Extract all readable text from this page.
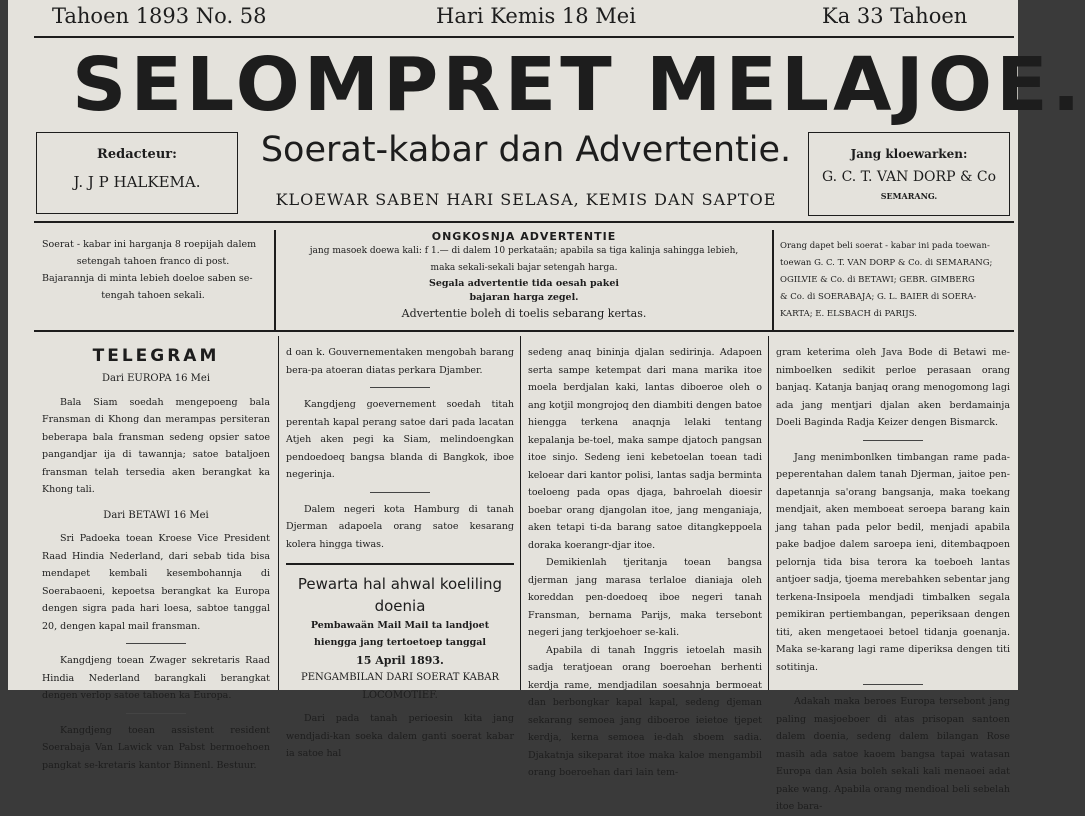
Tahoen 1893 No. 58	Hari Kemis 18 Mei	Ka 33 Tahoen
SELOMPRET MELAJOE.
Redacteur:
J. J P HALKEMA.
Soerat-kabar dan Advertentie.
KLOEWAR SABEN HARI SELASA, KEMIS DAN SAPTOE
Jang kloewarken:
G. C. T. VAN DORP & Co
SEMARANG.
Soerat - kabar ini harganja 8 roepijah dalem
setengah tahoen franco di post.
Bajarannja di minta lebieh doeloe saben se-
tengah tahoen sekali.
ONGKOSNJA ADVERTENTIE
jang masoek doewa kali: f 1.— di dalem 10 perkataän; apabila sa tiga kalinja sahingga lebieh,
maka sekali-sekali bajar setengah harga.
Segala advertentie tida oesah pakei
bajaran harga zegel.
Advertentie boleh di toelis sebarang kertas.
Orang dapet beli soerat - kabar ini pada toewan-
toewan G. C. T. VAN DORP & Co. di SEMARANG;
OGILVIE & Co. di BETAWI; GEBR. GIMBERG
& Co. di SOERABAJA; G. L. BAIER di SOERA-
KARTA; E. ELSBACH di PARIJS.
TELEGRAM
Dari EUROPA 16 Mei

Bala Siam soedah mengepoeng bala Fransman di Khong dan merampas persiteran beberapa bala fransman sedeng opsier satoe pangandjar ija di tawannja; satoe bataljoen fransman telah tersedia aken berangkat ka Khong tali.

Dari BETAWI 16 Mei

Sri Padoeka toean Kroese Vice President Raad Hindia Nederland, dari sebab tida bisa mendapet kembali kesembohannja di Soerabaoeni, kepoetsa berangkat ka Europa dengen sigra pada hari loesa, sabtoe tanggal 20, dengen kapal mail fransman.

Kangdjeng toean Zwager sekretaris Raad Hindia Nederland barangkali berangkat dengen verlop satoe tahoen ka Europa.

Kangdjeng toean assistent resident Soerabaja Van Lawick van Pabst bermoehoen pangkat se-kretaris kantor Binnenl. Bestuur.

d oan k. Gouvernementaken mengobah barang bera-pa atoeran diatas perkara Djamber.

Kangdjeng goevernement soedah titah perentah kapal perang satoe dari pada lacatan Atjeh aken pegi ka Siam, melindoengkan pendoedoeq bangsa blanda di Bangkok, iboe negerinja.

Dalem negeri kota Hamburg di tanah Djerman adapoela orang satoe kesarang kolera hingga tiwas.

Pewarta hal ahwal koeliling doenia
Pembawaän Mail Mail ta landjoet
hiengga jang tertoetoep tanggal
15 April 1893.
PENGAMBILAN DARI SOERAT KABAR
LOCOMOTIEF.

Dari pada tanah perioesin kita jang wendjadi-kan soeka dalem ganti soerat kabar ia satoe hal

sedeng anaq bininja djalan sedirinja. Adapoen serta sampe ketempat dari mana marika itoe moela berdjalan kaki, lantas diboeroe oleh o ang kotjil mongrojoq den diambiti dengen batoe hiengga terkena anaqnja lelaki tentang kepalanja be-toel, maka sampe djatoch pangsan itoe sinjo. Sedeng ieni kebetoelan toean tadi keloear dari kantor polisi, lantas sadja berminta toeloeng pada opas djaga, bahroelah dioesir boebar orang djangolan itoe, jang menganiaja, aken tetapi ti-da barang satoe ditangkeppoela doraka koerangr-djar itoe.

Demikienlah tjeritanja toean bangsa djerman jang marasa terlaloe dianiaja oleh koreddan pen-doedoeq iboe negeri tanah Fransman, bernama Parijs, maka tersebont negeri jang terkjoehoer se-kali.

Apabila di tanah Inggris ietoelah masih sadja teratjoean orang boeroehan berhenti kerdja rame, mendjadilan soesahnja bermoeat dan berbongkar kapal kapal, sedeng djeman sekarang semoea jang diboeroe ieietoe tjepet kerdja, kerna semoea ie-dah sboem sadia. Djakatnja sikeparat itoe maka kaloe mengambil orang boeroehan dari lain tem-

gram keterima oleh Java Bode di Betawi me-nimboelken sedikit perloe perasaan orang banjaq. Katanja banjaq orang menogomong lagi ada jang mentjari djalan aken berdamainja Doeli Baginda Radja Keizer dengen Bismarck.

Jang menimbonlken timbangan rame pada-peperentahan dalem tanah Djerman, jaitoe pen-dapetannja sa'orang bangsanja, maka toekang mendjait, aken memboeat seroepa barang kain jang tahan pada pelor bedil, menjadi apabila pake badjoe dalem saroepa ieni, ditembaqpoen pelornja tida bisa terora ka toeboeh lantas antjoer sadja, tjoema merebahken sebentar jang terkena-Insipoela mendjadi timbalken segala pemikiran pertiembangan, peperiksaan dengen titi, aken mengetaoei betoel tidanja goenanja. Maka se-karang lagi rame diperiksa dengen titi sotitinja.

Adakah maka beroes Europa tersebont jang paling masjoeboer di atas prisopan santoen dalem doenia, sedeng dalem bilangan Rose masih ada satoe kaoem bangsa tapai watasan Europa dan Asia boleh sekali kali menaoei adat pake wang. Apabila orang mendioal beli sebelah itoe bara-
